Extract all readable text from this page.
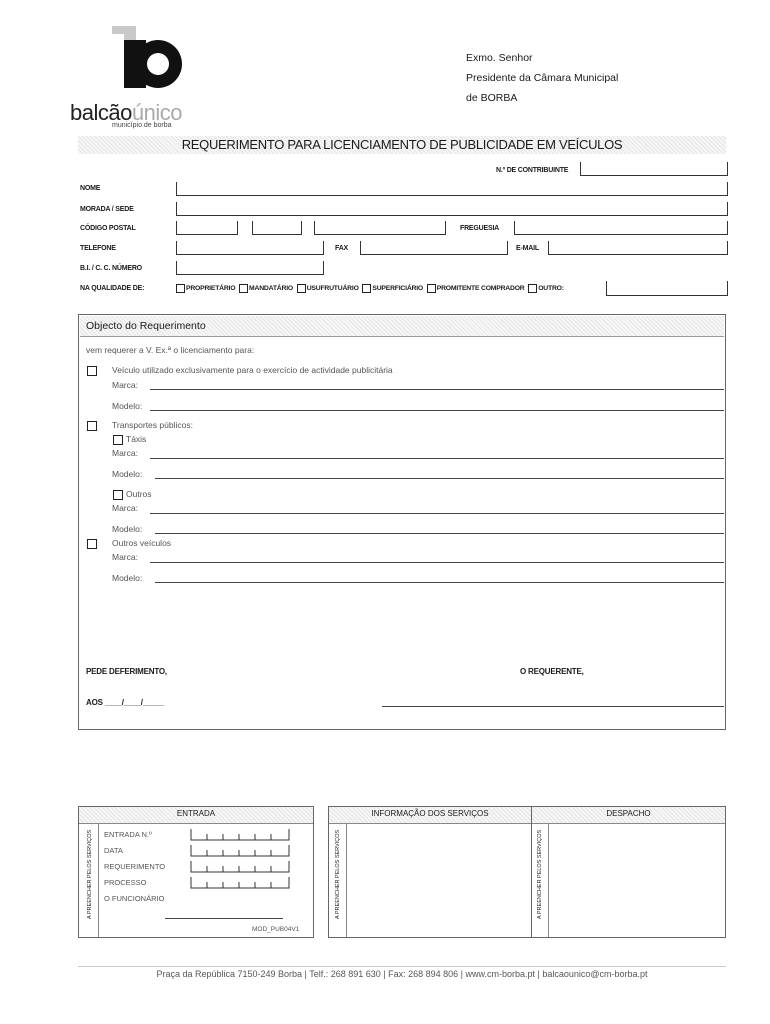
balcãoúnico
município de borba
Exmo. Senhor
Presidente da Câmara Municipal
de BORBA
REQUERIMENTO PARA LICENCIAMENTO DE PUBLICIDADE EM VEÍCULOS
N.º DE CONTRIBUINTE
NOME
MORADA / SEDE
CÓDIGO POSTAL	FREGUESIA
TELEFONE	FAX	E-MAIL
B.I. / C. C. NÚMERO
NA QUALIDADE DE:	PROPRIETÁRIO MANDATÁRIO USUFRUTUÁRIO SUPERFICIÁRIO PROMITENTE COMPRADOR OUTRO:
Objecto do Requerimento
vem requerer a V. Ex.ª o licenciamento para:
Veículo utilizado exclusivamente para o exercício de actividade publicitária
Marca:
Modelo:
Transportes públicos:
Táxis
Marca:
Modelo:
Outros
Marca:
Modelo:
Outros veículos
Marca:
Modelo:
PEDE DEFERIMENTO,	O REQUERENTE,
AOS ____/____/_____
ENTRADA
A PREENCHER PELOS SERVIÇOS ENTRADA N.º
DATA
REQUERIMENTO
PROCESSO
O FUNCIONÁRIO
MOD_PUB04V1
INFORMAÇÃO DOS SERVIÇOS
A PREENCHER PELOS SERVIÇOS
DESPACHO
A PREENCHER PELOS SERVIÇOS
Praça da República 7150-249 Borba | Telf.: 268 891 630 | Fax: 268 894 806 | www.cm-borba.pt | balcaounico@cm-borba.pt
